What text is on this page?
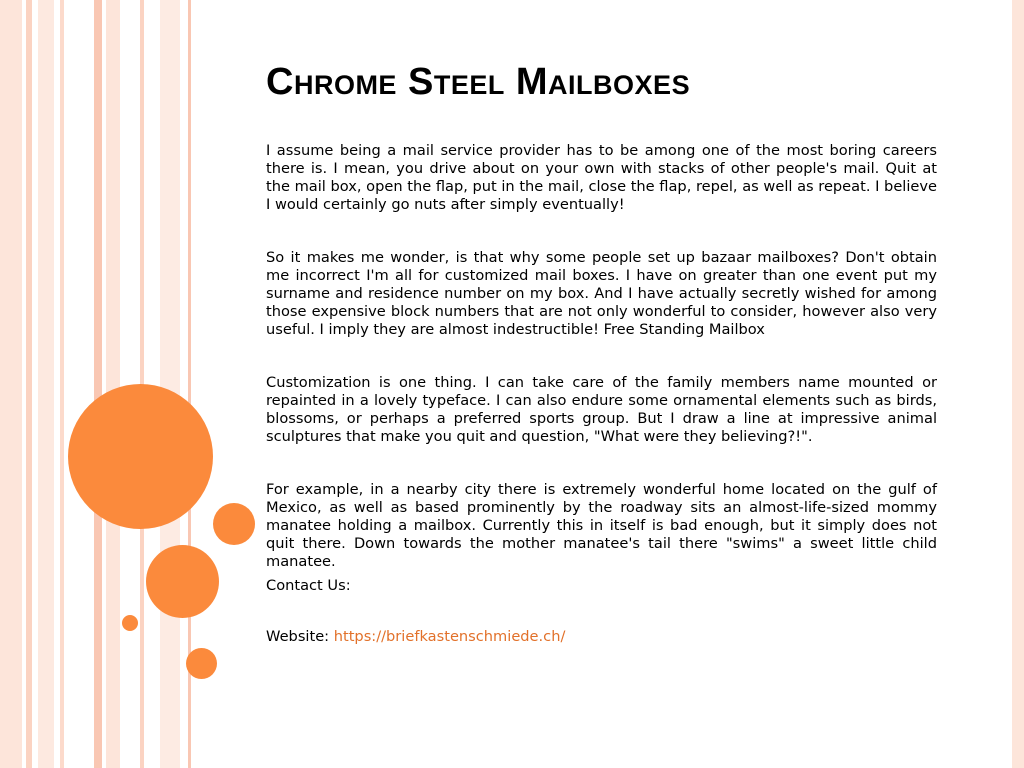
Chrome Steel Mailboxes

I assume being a mail service provider has to be among one of the most boring careers there is. I mean, you drive about on your own with stacks of other people's mail. Quit at the mail box, open the flap, put in the mail, close the flap, repel, as well as repeat. I believe I would certainly go nuts after simply eventually!

So it makes me wonder, is that why some people set up bazaar mailboxes? Don't obtain me incorrect I'm all for customized mail boxes. I have on greater than one event put my surname and residence number on my box. And I have actually secretly wished for among those expensive block numbers that are not only wonderful to consider, however also very useful. I imply they are almost indestructible! Free Standing Mailbox

Customization is one thing. I can take care of the family members name mounted or repainted in a lovely typeface. I can also endure some ornamental elements such as birds, blossoms, or perhaps a preferred sports group. But I draw a line at impressive animal sculptures that make you quit and question, "What were they believing?!".

For example, in a nearby city there is extremely wonderful home located on the gulf of Mexico, as well as based prominently by the roadway sits an almost-life-sized mommy manatee holding a mailbox. Currently this in itself is bad enough, but it simply does not quit there. Down towards the mother manatee's tail there "swims" a sweet little child manatee.

Contact Us:

Website: https://briefkastenschmiede.ch/
